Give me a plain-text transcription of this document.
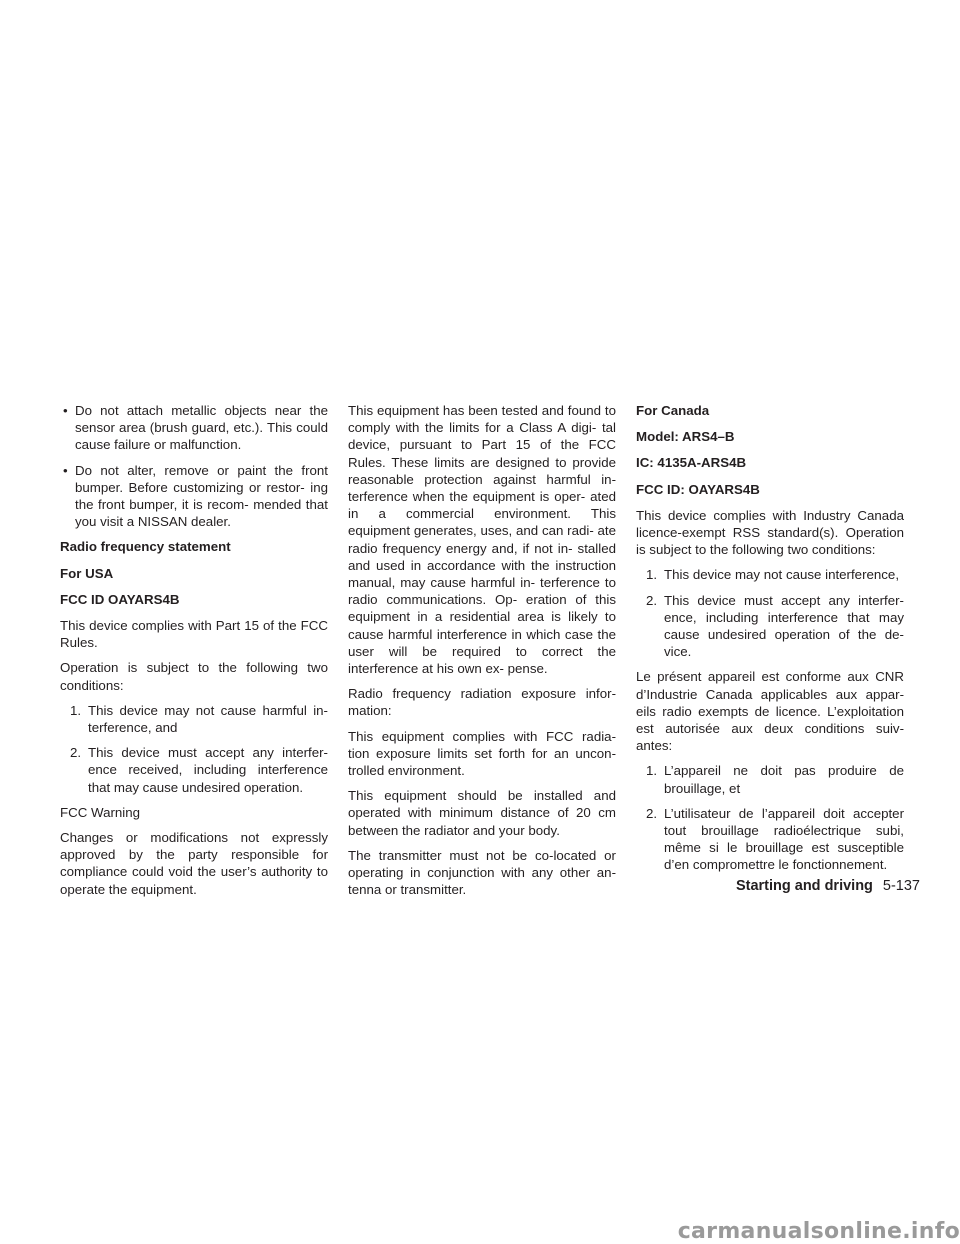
• Do not attach metallic objects near the sensor area (brush guard, etc.). This could cause failure or malfunction.
• Do not alter, remove or paint the front bumper. Before customizing or restor- ing the front bumper, it is recom- mended that you visit a NISSAN dealer.

Radio frequency statement

For USA

FCC ID OAYARS4B

This device complies with Part 15 of the FCC Rules.

Operation is subject to the following two conditions:

1. This device may not cause harmful in- terference, and
2. This device must accept any interfer- ence received, including interference that may cause undesired operation.

FCC Warning

Changes or modifications not expressly approved by the party responsible for compliance could void the user’s authority to operate the equipment.

This equipment has been tested and found to comply with the limits for a Class A digi- tal device, pursuant to Part 15 of the FCC Rules. These limits are designed to provide reasonable protection against harmful in- terference when the equipment is oper- ated in a commercial environment. This equipment generates, uses, and can radi- ate radio frequency energy and, if not in- stalled and used in accordance with the instruction manual, may cause harmful in- terference to radio communications. Op- eration of this equipment in a residential area is likely to cause harmful interference in which case the user will be required to correct the interference at his own ex- pense.

Radio frequency radiation exposure infor- mation:

This equipment complies with FCC radia- tion exposure limits set forth for an uncon- trolled environment.

This equipment should be installed and operated with minimum distance of 20 cm between the radiator and your body.

The transmitter must not be co-located or operating in conjunction with any other an- tenna or transmitter.

For Canada

Model: ARS4–B

IC: 4135A-ARS4B

FCC ID: OAYARS4B

This device complies with Industry Canada licence-exempt RSS standard(s). Operation is subject to the following two conditions:

1. This device may not cause interference,
2. This device must accept any interfer- ence, including interference that may cause undesired operation of the de- vice.

Le présent appareil est conforme aux CNR d’Industrie Canada applicables aux appar- eils radio exempts de licence. L’exploitation est autorisée aux deux conditions suiv- antes:

1. L’appareil ne doit pas produire de brouillage, et
2. L’utilisateur de l’appareil doit accepter tout brouillage radioélectrique subi, même si le brouillage est susceptible d’en compromettre le fonctionnement.
Starting and driving 5-137
carmanualsonline.info
